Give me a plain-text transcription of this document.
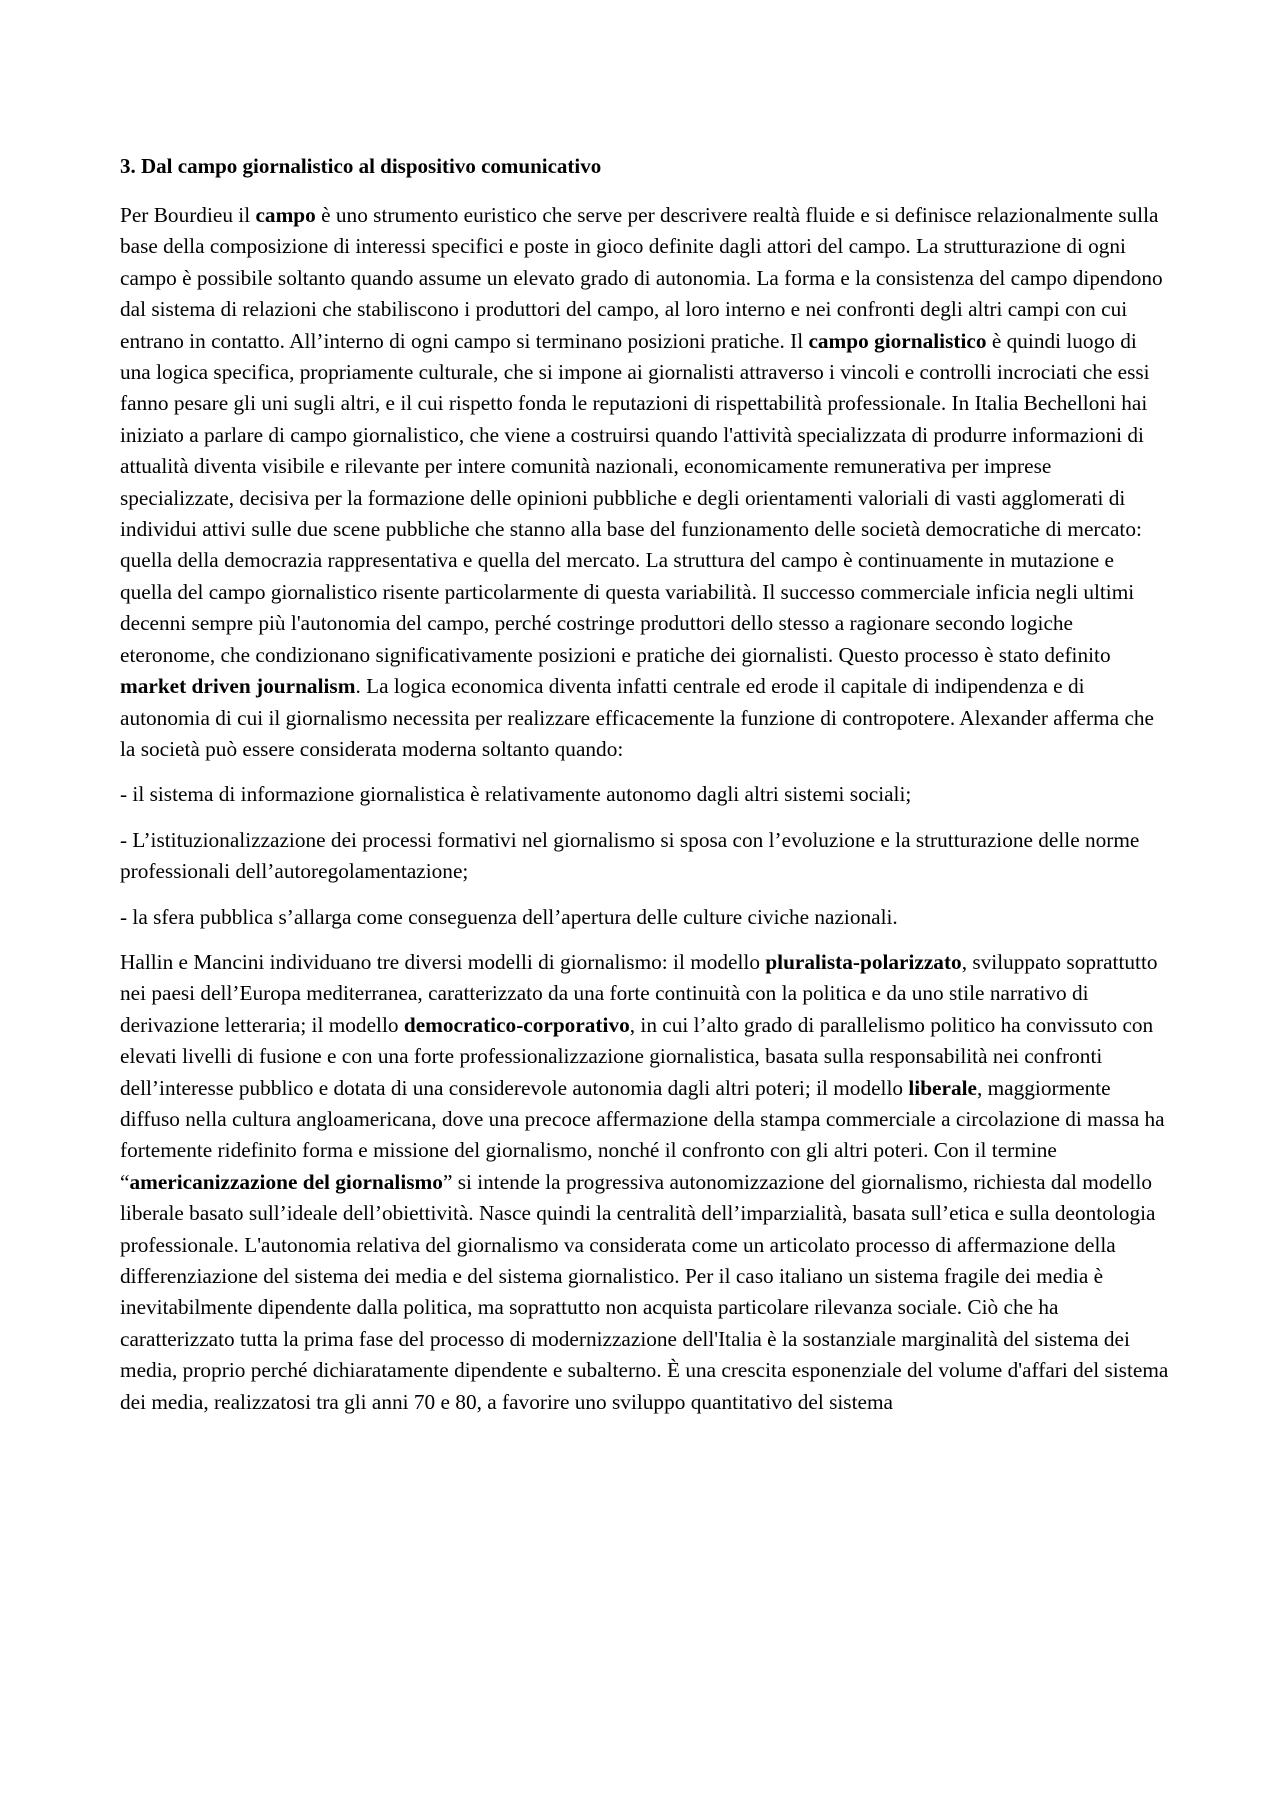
3. Dal campo giornalistico al dispositivo comunicativo

Per Bourdieu il campo è uno strumento euristico che serve per descrivere realtà fluide e si definisce relazionalmente sulla base della composizione di interessi specifici e poste in gioco definite dagli attori del campo. La strutturazione di ogni campo è possibile soltanto quando assume un elevato grado di autonomia. La forma e la consistenza del campo dipendono dal sistema di relazioni che stabiliscono i produttori del campo, al loro interno e nei confronti degli altri campi con cui entrano in contatto. All’interno di ogni campo si terminano posizioni pratiche. Il campo giornalistico è quindi luogo di una logica specifica, propriamente culturale, che si impone ai giornalisti attraverso i vincoli e controlli incrociati che essi fanno pesare gli uni sugli altri, e il cui rispetto fonda le reputazioni di rispettabilità professionale. In Italia Bechelloni hai iniziato a parlare di campo giornalistico, che viene a costruirsi quando l'attività specializzata di produrre informazioni di attualità diventa visibile e rilevante per intere comunità nazionali, economicamente remunerativa per imprese specializzate, decisiva per la formazione delle opinioni pubbliche e degli orientamenti valoriali di vasti agglomerati di individui attivi sulle due scene pubbliche che stanno alla base del funzionamento delle società democratiche di mercato: quella della democrazia rappresentativa e quella del mercato. La struttura del campo è continuamente in mutazione e quella del campo giornalistico risente particolarmente di questa variabilità. Il successo commerciale inficia negli ultimi decenni sempre più l'autonomia del campo, perché costringe produttori dello stesso a ragionare secondo logiche eteronome, che condizionano significativamente posizioni e pratiche dei giornalisti. Questo processo è stato definito market driven journalism. La logica economica diventa infatti centrale ed erode il capitale di indipendenza e di autonomia di cui il giornalismo necessita per realizzare efficacemente la funzione di contropotere. Alexander afferma che la società può essere considerata moderna soltanto quando:

- il sistema di informazione giornalistica è relativamente autonomo dagli altri sistemi sociali;

- L’istituzionalizzazione dei processi formativi nel giornalismo si sposa con l’evoluzione e la strutturazione delle norme professionali dell’autoregolamentazione;

- la sfera pubblica s’allarga come conseguenza dell’apertura delle culture civiche nazionali.

Hallin e Mancini individuano tre diversi modelli di giornalismo: il modello pluralista-polarizzato, sviluppato soprattutto nei paesi dell’Europa mediterranea, caratterizzato da una forte continuità con la politica e da uno stile narrativo di derivazione letteraria; il modello democratico-corporativo, in cui l’alto grado di parallelismo politico ha convissuto con elevati livelli di fusione e con una forte professionalizzazione giornalistica, basata sulla responsabilità nei confronti dell’interesse pubblico e dotata di una considerevole autonomia dagli altri poteri; il modello liberale, maggiormente diffuso nella cultura angloamericana, dove una precoce affermazione della stampa commerciale a circolazione di massa ha fortemente ridefinito forma e missione del giornalismo, nonché il confronto con gli altri poteri. Con il termine “americanizzazione del giornalismo” si intende la progressiva autonomizzazione del giornalismo, richiesta dal modello liberale basato sull’ideale dell’obiettività. Nasce quindi la centralità dell’imparzialità, basata sull’etica e sulla deontologia professionale. L'autonomia relativa del giornalismo va considerata come un articolato processo di affermazione della differenziazione del sistema dei media e del sistema giornalistico. Per il caso italiano un sistema fragile dei media è inevitabilmente dipendente dalla politica, ma soprattutto non acquista particolare rilevanza sociale. Ciò che ha caratterizzato tutta la prima fase del processo di modernizzazione dell'Italia è la sostanziale marginalità del sistema dei media, proprio perché dichiaratamente dipendente e subalterno. È una crescita esponenziale del volume d'affari del sistema dei media, realizzatosi tra gli anni 70 e 80, a favorire uno sviluppo quantitativo del sistema
